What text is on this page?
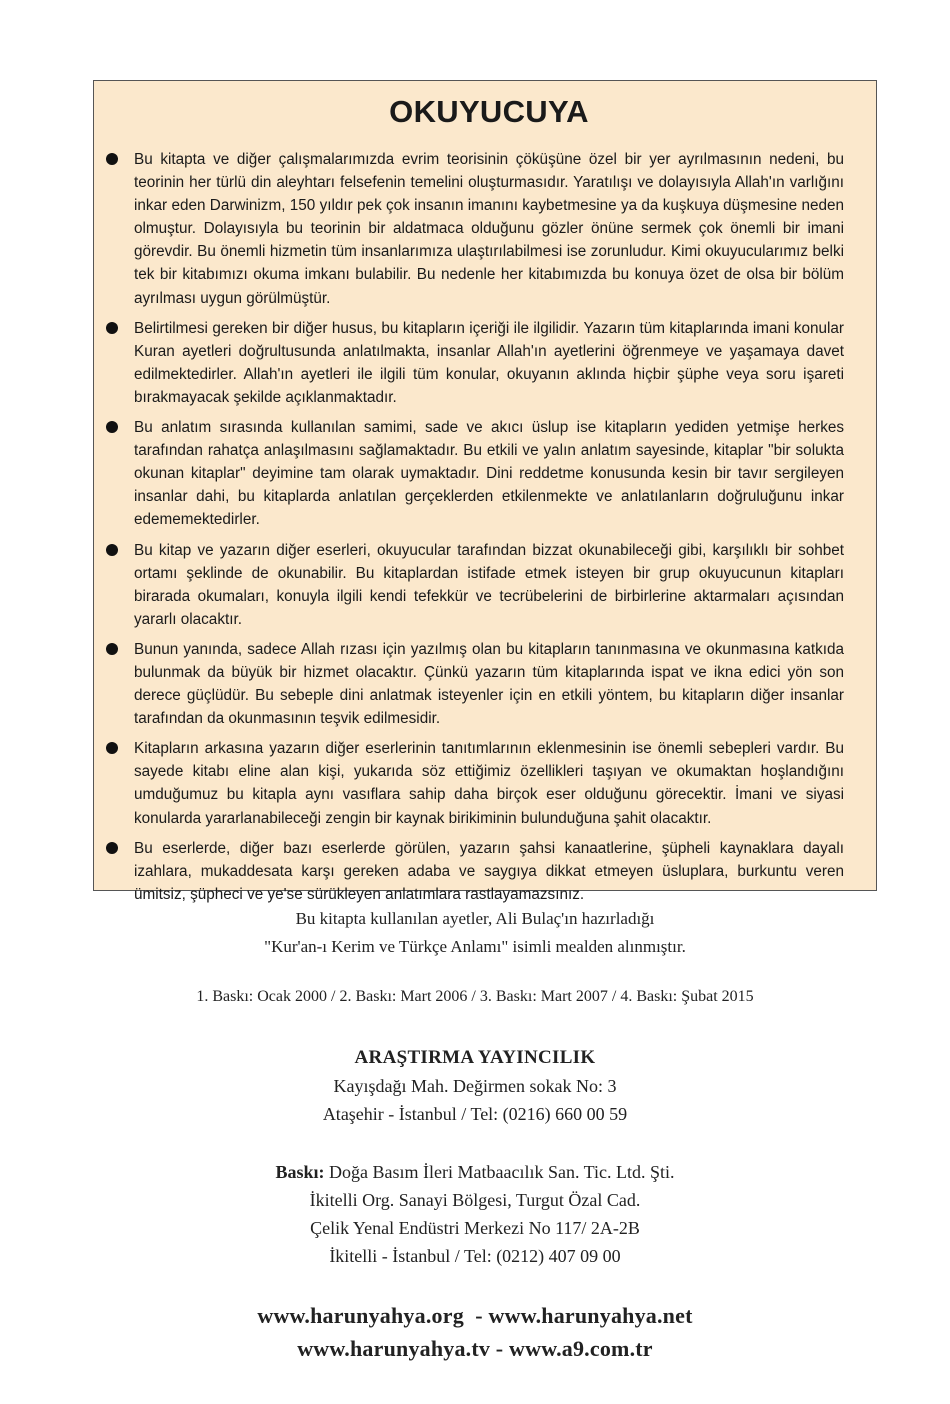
OKUYUCUYA
Bu kitapta ve diğer çalışmalarımızda evrim teorisinin çöküşüne özel bir yer ayrılmasının nedeni, bu teorinin her türlü din aleyhtarı felsefenin temelini oluşturmasıdır. Yaratılışı ve dolayısıyla Allah'ın varlığını inkar eden Darwinizm, 150 yıldır pek çok insanın imanını kaybetmesine ya da kuşkuya düşmesine neden olmuştur. Dolayısıyla bu teorinin bir aldatmaca olduğunu gözler önüne sermek çok önemli bir imani görevdir. Bu önemli hizmetin tüm insanlarımıza ulaştırılabilmesi ise zorunludur. Kimi okuyucularımız belki tek bir kitabımızı okuma imkanı bulabilir. Bu nedenle her kitabımızda bu konuya özet de olsa bir bölüm ayrılması uygun görülmüştür.
Belirtilmesi gereken bir diğer husus, bu kitapların içeriği ile ilgilidir. Yazarın tüm kitaplarında imani konular Kuran ayetleri doğrultusunda anlatılmakta, insanlar Allah'ın ayetlerini öğrenmeye ve yaşamaya davet edilmektedirler. Allah'ın ayetleri ile ilgili tüm konular, okuyanın aklında hiçbir şüphe veya soru işareti bırakmayacak şekilde açıklanmaktadır.
Bu anlatım sırasında kullanılan samimi, sade ve akıcı üslup ise kitapların yediden yetmişe herkes tarafından rahatça anlaşılmasını sağlamaktadır. Bu etkili ve yalın anlatım sayesinde, kitaplar "bir solukta okunan kitaplar" deyimine tam olarak uymaktadır. Dini reddetme konusunda kesin bir tavır sergileyen insanlar dahi, bu kitaplarda anlatılan gerçeklerden etkilenmekte ve anlatılanların doğruluğunu inkar edememektedirler.
Bu kitap ve yazarın diğer eserleri, okuyucular tarafından bizzat okunabileceği gibi, karşılıklı bir sohbet ortamı şeklinde de okunabilir. Bu kitaplardan istifade etmek isteyen bir grup okuyucunun kitapları birarada okumaları, konuyla ilgili kendi tefekkür ve tecrübelerini de birbirlerine aktarmaları açısından yararlı olacaktır.
Bunun yanında, sadece Allah rızası için yazılmış olan bu kitapların tanınmasına ve okunmasına katkıda bulunmak da büyük bir hizmet olacaktır. Çünkü yazarın tüm kitaplarında ispat ve ikna edici yön son derece güçlüdür. Bu sebeple dini anlatmak isteyenler için en etkili yöntem, bu kitapların diğer insanlar tarafından da okunmasının teşvik edilmesidir.
Kitapların arkasına yazarın diğer eserlerinin tanıtımlarının eklenmesinin ise önemli sebepleri vardır. Bu sayede kitabı eline alan kişi, yukarıda söz ettiğimiz özellikleri taşıyan ve okumaktan hoşlandığını umduğumuz bu kitapla aynı vasıflara sahip daha birçok eser olduğunu görecektir. İmani ve siyasi konularda yararlanabileceği zengin bir kaynak birikiminin bulunduğuna şahit olacaktır.
Bu eserlerde, diğer bazı eserlerde görülen, yazarın şahsi kanaatlerine, şüpheli kaynaklara dayalı izahlara, mukaddesata karşı gereken adaba ve saygıya dikkat etmeyen üsluplara, burkuntu veren ümitsiz, şüpheci ve ye'se sürükleyen anlatımlara rastlayamazsınız.
Bu kitapta kullanılan ayetler, Ali Bulaç'ın hazırladığı
"Kur'an-ı Kerim ve Türkçe Anlamı" isimli mealden alınmıştır.
1. Baskı: Ocak 2000 / 2. Baskı: Mart 2006 / 3. Baskı: Mart 2007 / 4. Baskı: Şubat 2015
ARAŞTIRMA YAYINCILIK
Kayışdağı Mah. Değirmen sokak No: 3
Ataşehir - İstanbul / Tel: (0216) 660 00 59
Baskı: Doğa Basım İleri Matbaacılık San. Tic. Ltd. Şti.
İkitelli Org. Sanayi Bölgesi, Turgut Özal Cad.
Çelik Yenal Endüstri Merkezi No 117/ 2A-2B
İkitelli - İstanbul / Tel: (0212) 407 09 00
www.harunyahya.org  - www.harunyahya.net
www.harunyahya.tv - www.a9.com.tr
